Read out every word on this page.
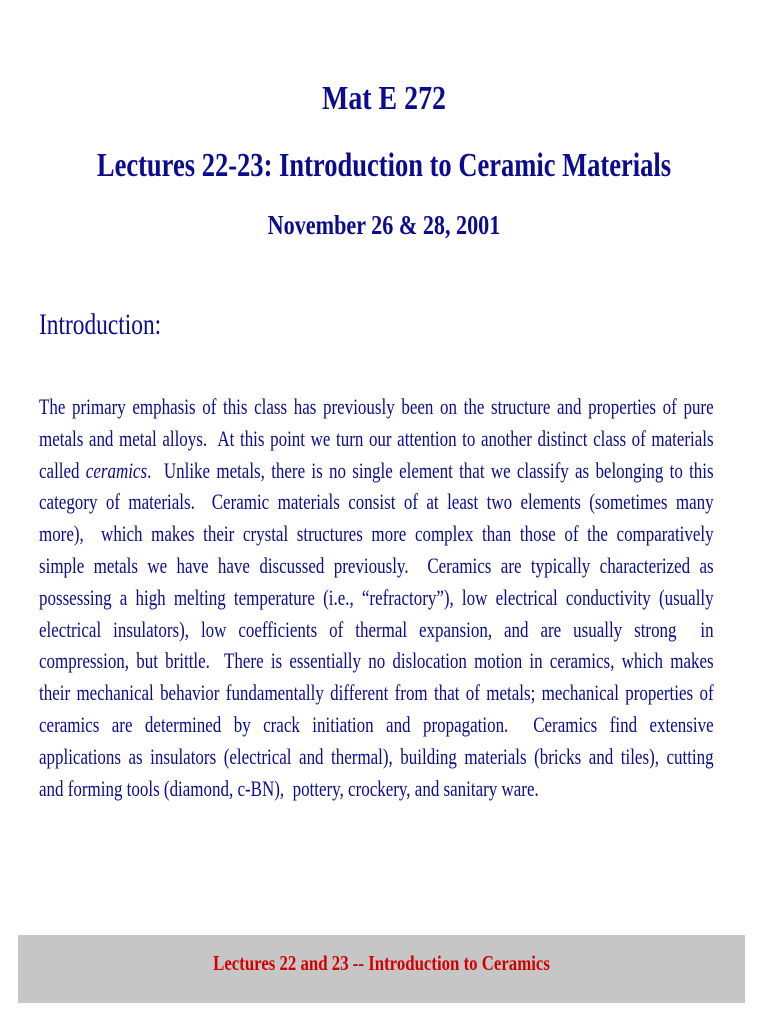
Mat E 272
Lectures 22-23: Introduction to Ceramic Materials
November 26 & 28, 2001
Introduction:
The primary emphasis of this class has previously been on the structure and properties of pure
metals and metal alloys.  At this point we turn our attention to another distinct class of materials
called ceramics.  Unlike metals, there is no single element that we classify as belonging to this
category of materials.  Ceramic materials consist of at least two elements (sometimes many
more),  which makes their crystal structures more complex than those of the comparatively
simple metals we have have discussed previously.  Ceramics are typically characterized as
possessing a high melting temperature (i.e., “refractory”), low electrical conductivity (usually
electrical insulators), low coefficients of thermal expansion, and are usually strong  in
compression, but brittle.  There is essentially no dislocation motion in ceramics, which makes
their mechanical behavior fundamentally different from that of metals; mechanical properties of
ceramics are determined by crack initiation and propagation.  Ceramics find extensive
applications as insulators (electrical and thermal), building materials (bricks and tiles), cutting
and forming tools (diamond, c-BN),  pottery, crockery, and sanitary ware.
Lectures 22 and 23 -- Introduction to Ceramics
